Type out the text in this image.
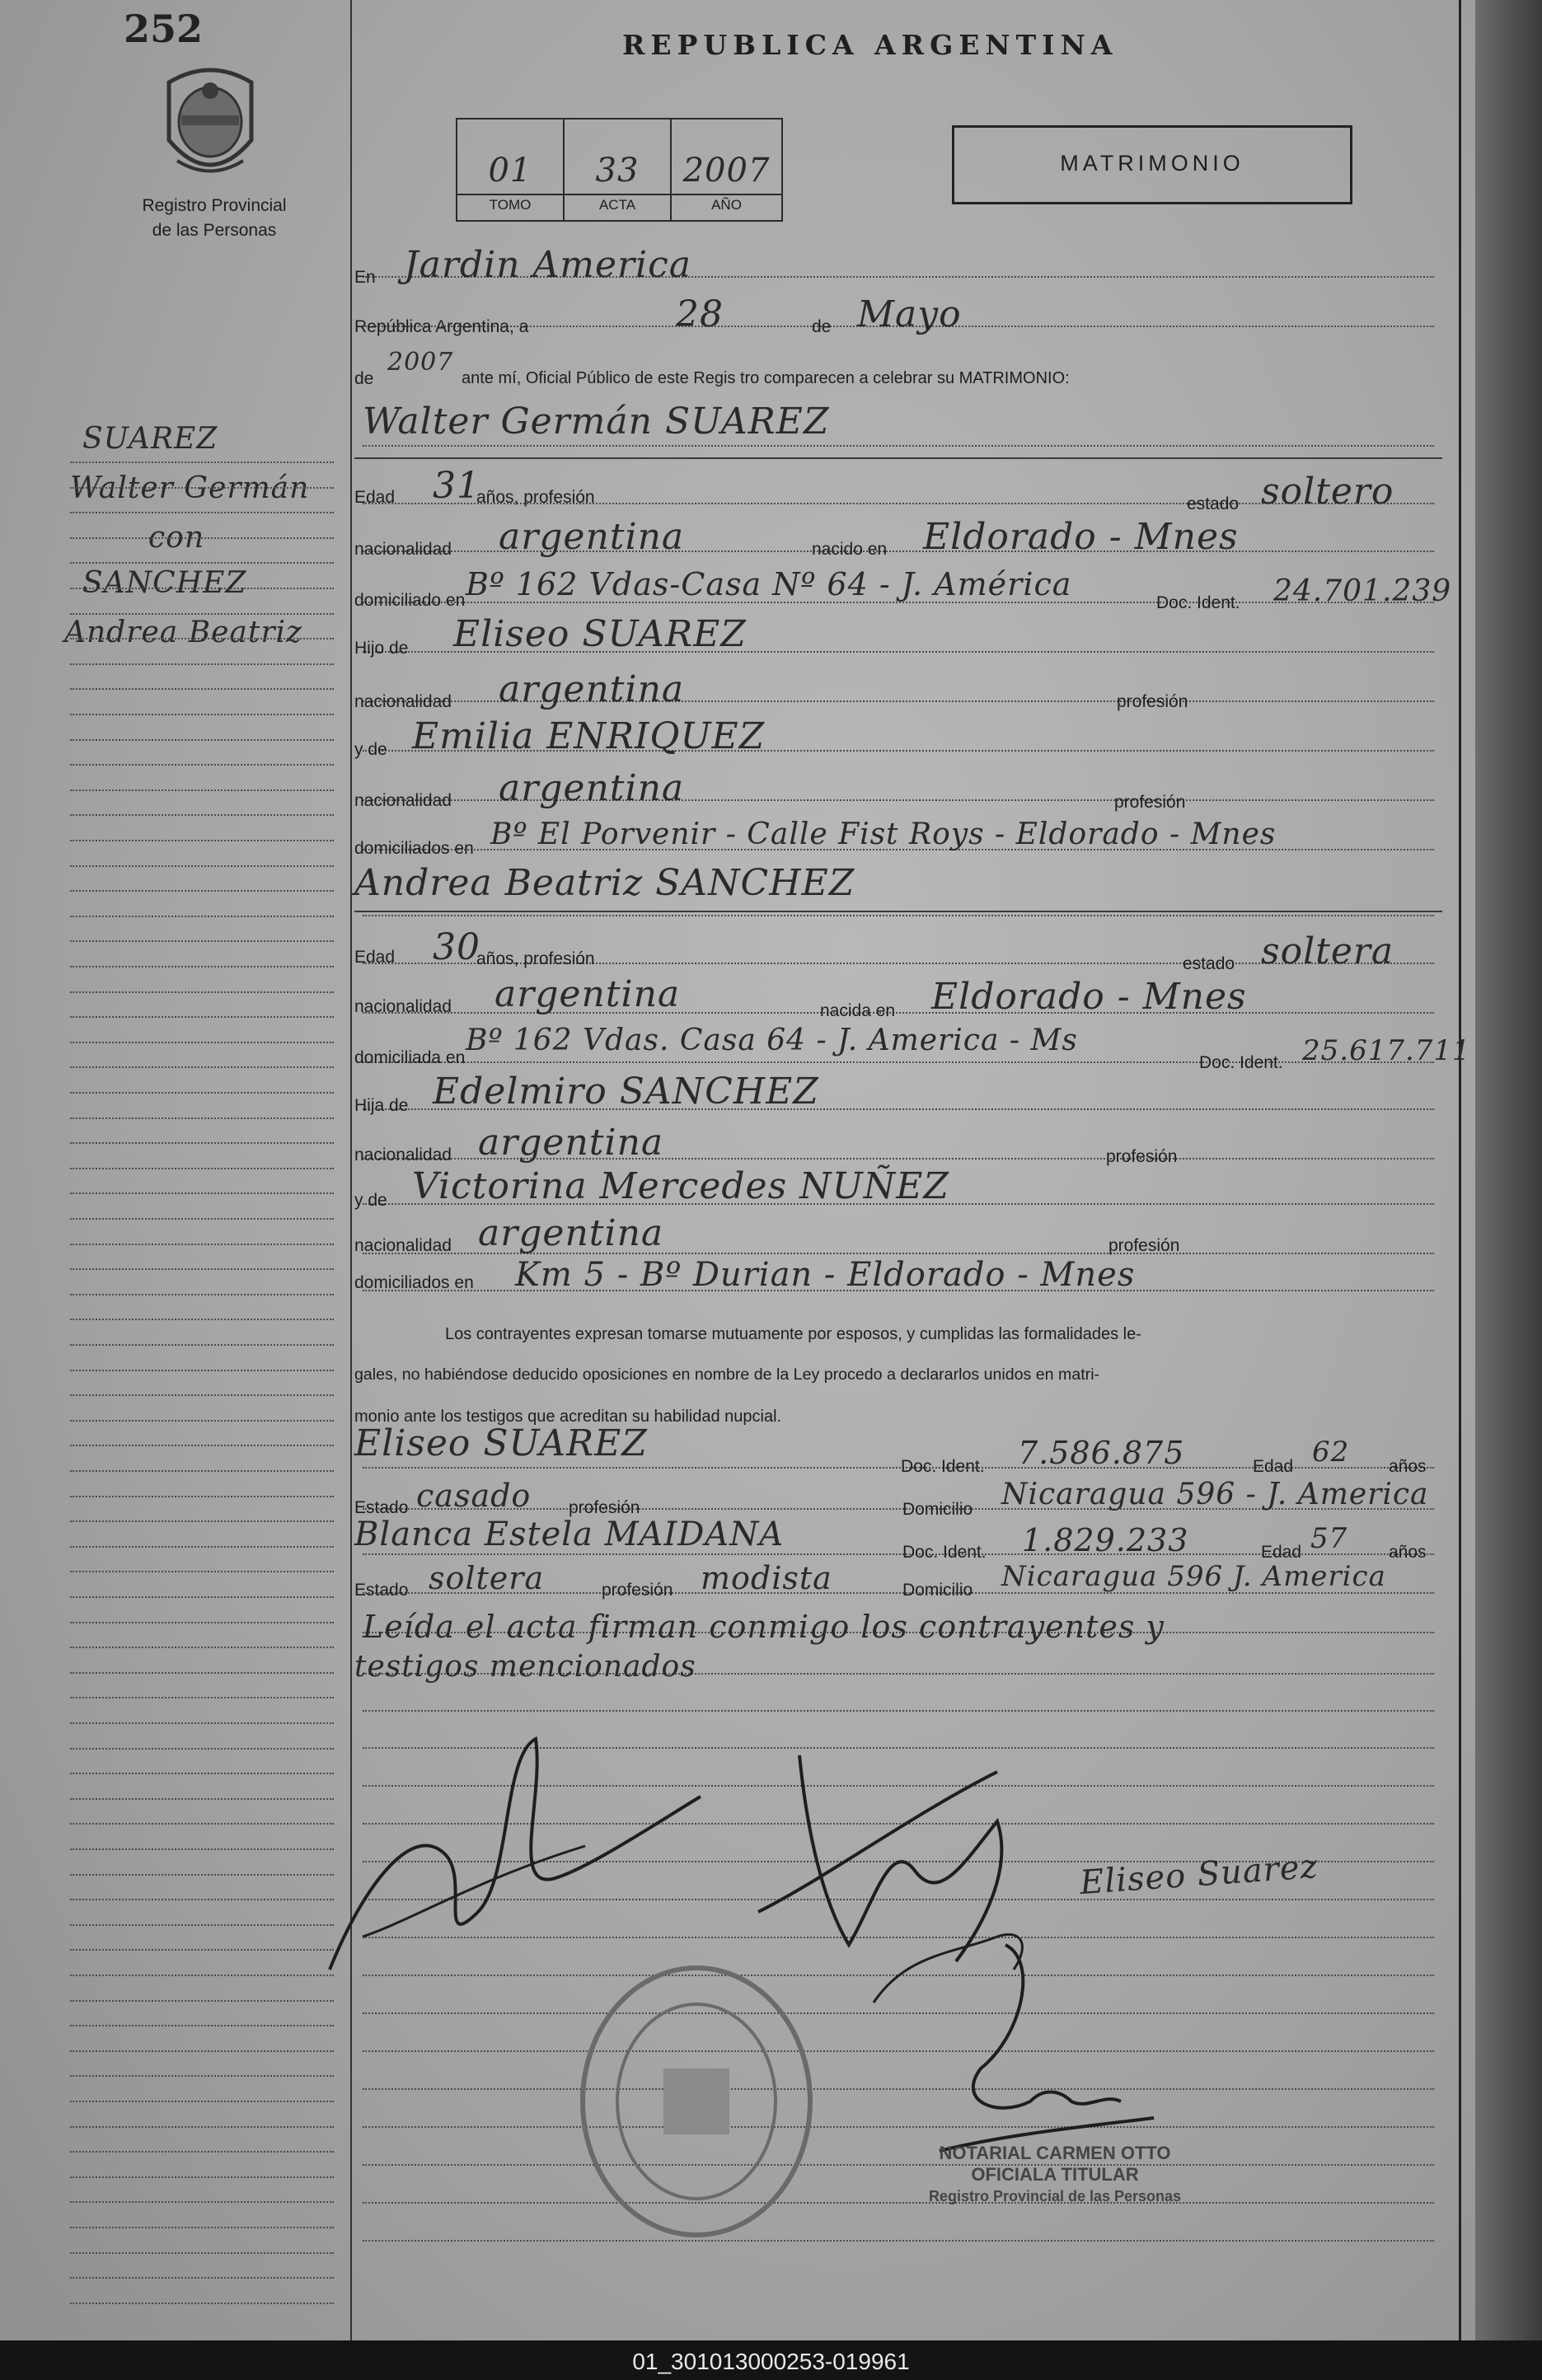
252
Registro Provincial
de las Personas
REPUBLICA ARGENTINA
01	33	2007
TOMO	ACTA	AÑO
MATRIMONIO
SUAREZ
Walter Germán
con
SANCHEZ
Andrea Beatriz
En Jardin America
República Argentina, a	28	de Mayo
de
2007
ante mí, Oficial Público de este Regis tro comparecen a celebrar su MATRIMONIO:
Walter Germán SUAREZ
Edad 31
años, profesión	estado soltero
nacionalidad argentina	nacido en Eldorado - Mnes
domiciliado en Bº 162 Vdas-Casa Nº 64 - J. América
Doc. Ident. 24.701.239
Hijo de Eliseo SUAREZ
nacionalidad argentina	profesión
y de Emilia ENRIQUEZ
nacionalidad argentina	profesión
domiciliados en Bº El Porvenir - Calle Fist Roys - Eldorado - Mnes
Andrea Beatriz SANCHEZ
Edad 30
años, profesión	estado soltera
nacionalidad argentina	nacida en Eldorado - Mnes
domiciliada en
Bº 162 Vdas. Casa 64 - J. America - Ms
Doc. Ident. 25.617.711
Hija de Edelmiro SANCHEZ
nacionalidad argentina	profesión
y de Victorina Mercedes NUÑEZ
nacionalidad argentina	profesión
domiciliados en Km 5 - Bº Durian - Eldorado - Mnes
Los contrayentes expresan tomarse mutuamente por esposos, y cumplidas las formalidades le-
gales, no habiéndose deducido oposiciones en nombre de la Ley procedo a declararlos unidos en matri-
monio ante los testigos que acreditan su habilidad nupcial.
Eliseo SUAREZ
Doc. Ident. 7.586.875	Edad 62 años
Estado casado profesión	Domicilio Nicaragua 596 - J. America
Blanca Estela MAIDANA	Doc. Ident. 1.829.233	Edad 57 años
Estado soltera	profesión modista	Domicilio Nicaragua 596 J. America
Leída el acta firman conmigo los contrayentes y
testigos mencionados
Eliseo Suarez
NOTARIAL CARMEN OTTO
OFICIALA TITULAR
Registro Provincial de las Personas
01_301013000253-019961
